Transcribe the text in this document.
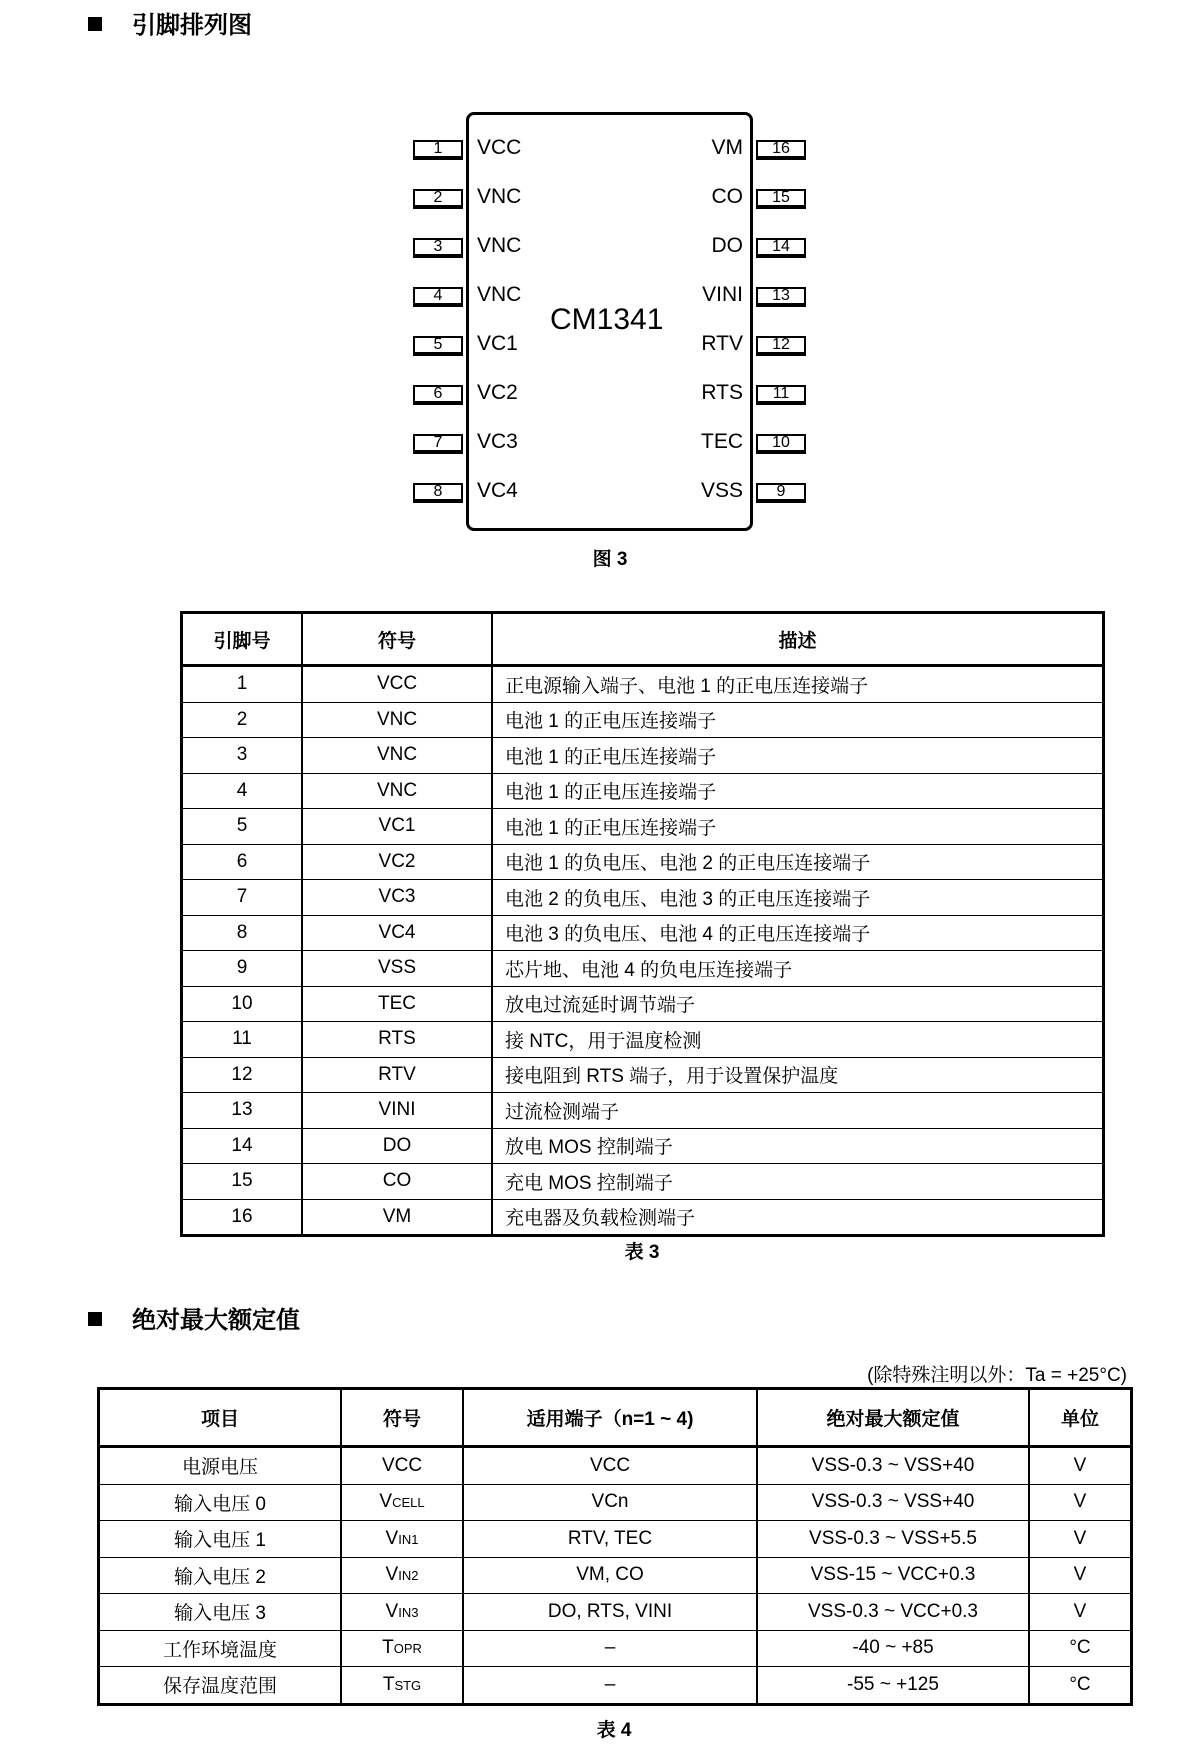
引脚排列图
CM1341
1	VCC
2	VNC
3	VNC
4	VNC
5	VC1
6	VC2
7	VC3
8	VC4
16
VM
15
CO
14
DO
13
VINI
12
RTV
11
RTS
10
TEC
9
VSS
图 3
引脚号	符号	描述
1	VCC	正电源输入端子、电池 1 的正电压连接端子
2	VNC	电池 1 的正电压连接端子
3	VNC	电池 1 的正电压连接端子
4	VNC	电池 1 的正电压连接端子
5	VC1	电池 1 的正电压连接端子
6	VC2	电池 1 的负电压、电池 2 的正电压连接端子
7	VC3	电池 2 的负电压、电池 3 的正电压连接端子
8	VC4	电池 3 的负电压、电池 4 的正电压连接端子
9	VSS	芯片地、电池 4 的负电压连接端子
10	TEC	放电过流延时调节端子
11	RTS	接 NTC，用于温度检测
12	RTV	接电阻到 RTS 端子，用于设置保护温度
13	VINI	过流检测端子
14	DO	放电 MOS 控制端子
15	CO	充电 MOS 控制端子
16	VM	充电器及负载检测端子
表 3
绝对最大额定值
(除特殊注明以外：Ta = +25°C)
项目	符号	适用端子（n=1 ~ 4)	绝对最大额定值	单位
电源电压	VCC	VCC	VSS-0.3 ~ VSS+40	V
输入电压 0	VCELL	VCn	VSS-0.3 ~ VSS+40	V
输入电压 1	VIN1	RTV, TEC	VSS-0.3 ~ VSS+5.5	V
输入电压 2	VIN2	VM, CO	VSS-15 ~ VCC+0.3	V
输入电压 3	VIN3	DO, RTS, VINI	VSS-0.3 ~ VCC+0.3	V
工作环境温度	TOPR	–	-40 ~ +85	°C
保存温度范围	TSTG	–	-55 ~ +125	°C
表 4
